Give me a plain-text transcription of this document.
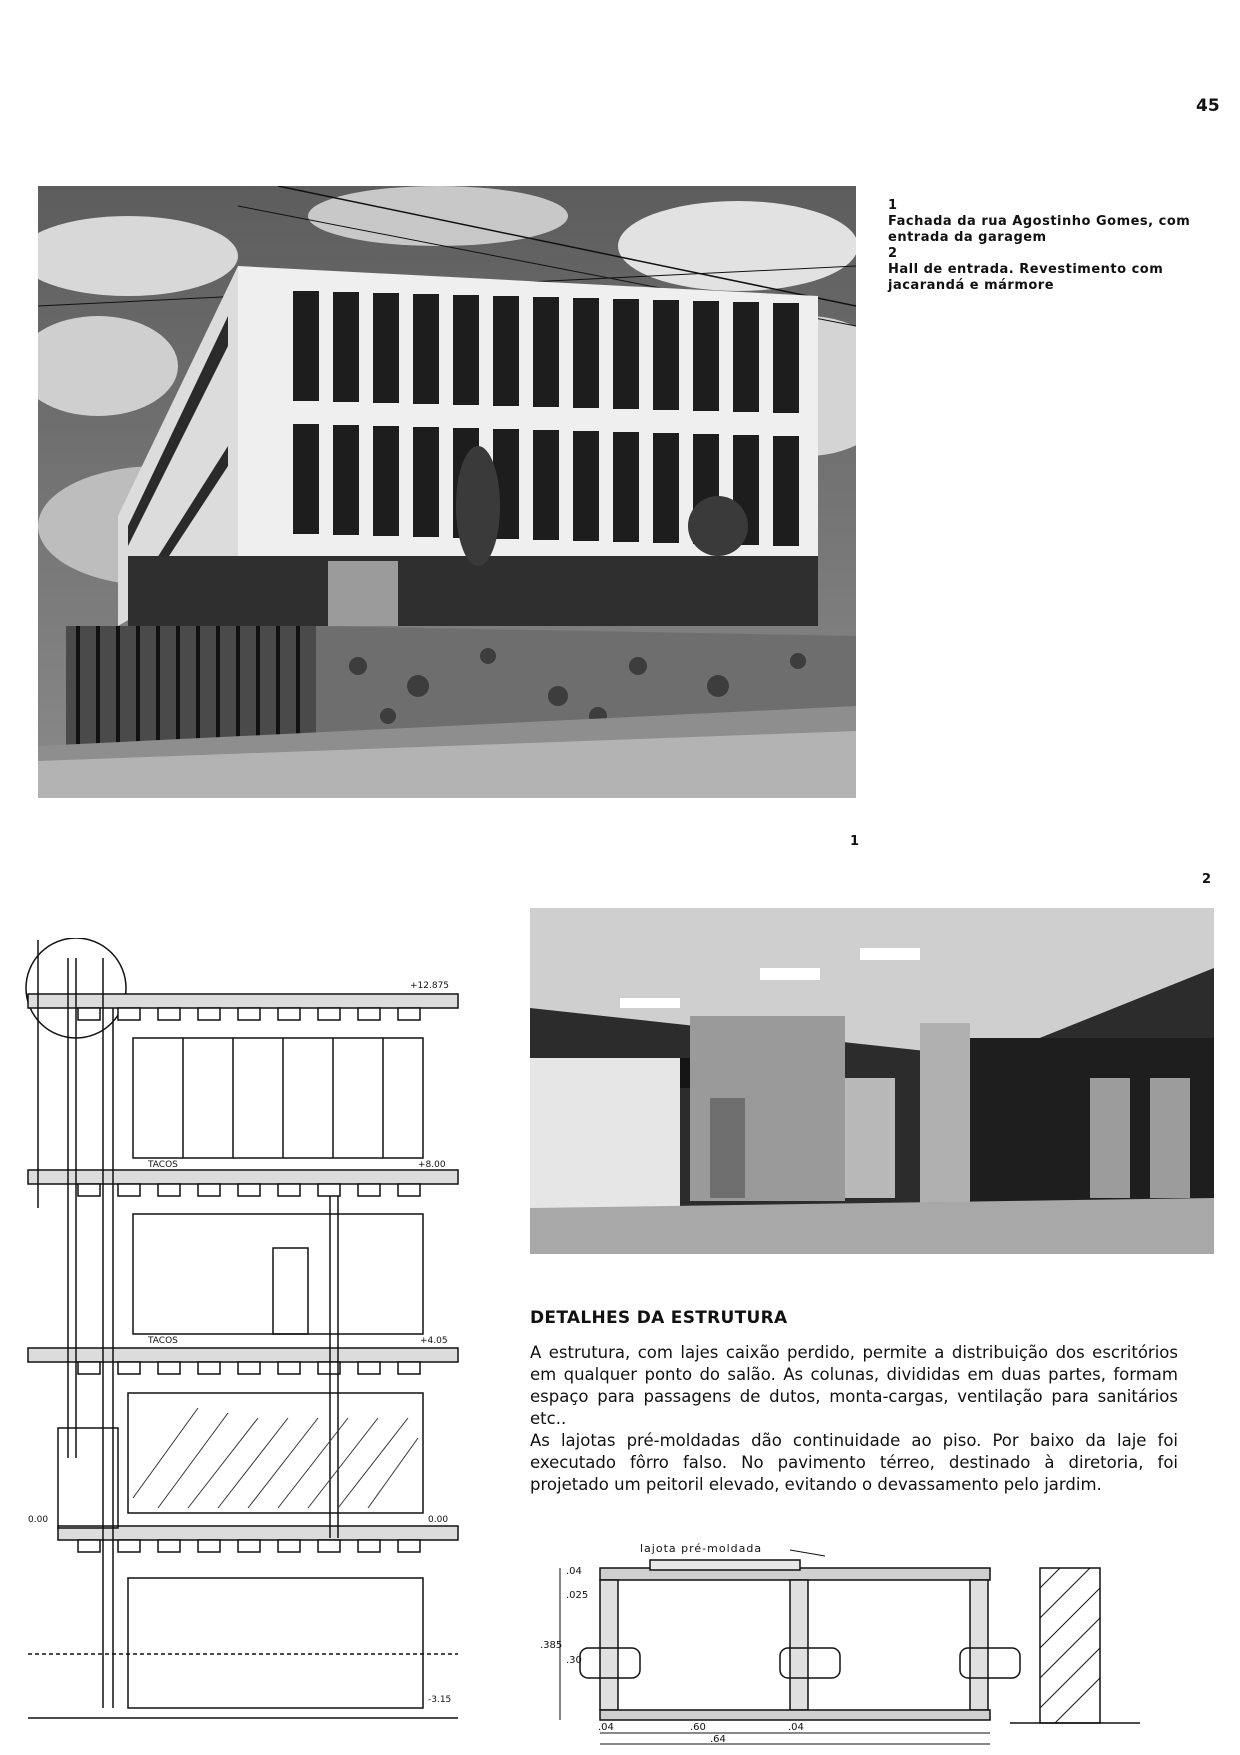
45
1
Fachada da rua Agostinho Gomes, com entrada da garagem
2
Hall de entrada. Revestimento com jacarandá e mármore
1
2
TACOS
TACOS
+12.875
+8.00
+4.05
0.00	0.00
-3.15
DETALHES DA ESTRUTURA

A estrutura, com lajes caixão perdido, permite a distribuição dos escritórios em qualquer ponto do salão. As colunas, divididas em duas partes, formam espaço para passagens de dutos, monta-cargas, ventilação para sanitários etc..

As lajotas pré-moldadas dão continuidade ao piso. Por baixo da laje foi executado fôrro falso. No pavimento térreo, destinado à diretoria, foi projetado um peitoril elevado, evitando o devassamento pelo jardim.

lajota pré-moldada
.385
.025
.04
.30
.04	.60	.04
.64
